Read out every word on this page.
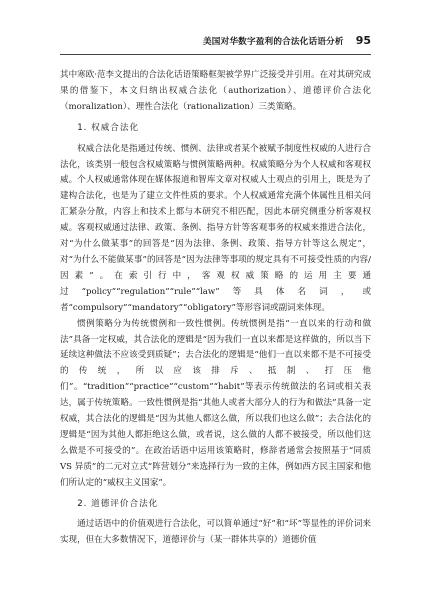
美国对华数字盈利的合法化话语分析 95

其中寒欧·范李文提出的合法化话语策略框架被学界广泛接受并引用。在对其研究成果的借鉴下，本文归纳出权威合法化（authorization）、道德评价合法化（moralization）、理性合法化（rationalization）三类策略。

1. 权威合法化

权威合法化是指通过传统、惯例、法律或者某个被赋予制度性权威的人进行合法化，该类别一般包含权威策略与惯例策略两种。权威策略分为个人权威和客观权威。个人权威通常体现在媒体报道和智库文章对权威人士观点的引用上，既是为了建构合法化，也是为了建立文件性质的要求。个人权威通常充满个体属性且相关问汇紧杂分散，内容上和技术上都与本研究不相匹配，因此本研究侧重分析客观权威。客观权威通过法律、政策、条例、指导方针等客观事务的权威来推进合法化，对“为什么做某事”的回答是“因为法律、条例、政策、指导方针等这么规定”，对“为什么不能做某事”的回答是“因为法律等事项的规定具有不可接受性质的内容/因素”。在索引行中，客观权威策略的运用主要通过“policy”“regulation”“rule”“law”等具体名词，或者“compulsory”“mandatory”“obligatory”等形容词或副词来体现。

惯例策略分为传统惯例和一致性惯例。传统惯例是指“一直以来的行动和做法”具备一定权威，其合法化的逻辑是“因为我们一直以来都是这样做的，所以当下延续这种做法不应该受到质疑”；去合法化的逻辑是“他们一直以来都不是不可接受的传统，所以应该排斥、抵制、打压他们”。“tradition”“practice”“custom”“habit”等表示传统做法的名词或相关表达，属于传统策略。一致性惯例是指“其他人或者大部分人的行为和做法”具备一定权威，其合法化的逻辑是“因为其他人都这么做，所以我们也这么做”；去合法化的逻辑是“因为其他人都拒绝这么做，或者说，这么做的人都不被接受，所以他们这么做是不可接受的”。在政治话语中运用该策略时，修辞者通常会按照基于“同质 VS 异质”的二元对立式“阵营划分”来选择行为一致的主体，例如西方民主国家和他们所认定的“威权主义国家”。

2. 道德评价合法化

通过话语中的价值观进行合法化，可以简单通过“好”和“坏”等显性的评价词来实现，但在大多数情况下，道德评价与（某一群体共享的）道德价值
